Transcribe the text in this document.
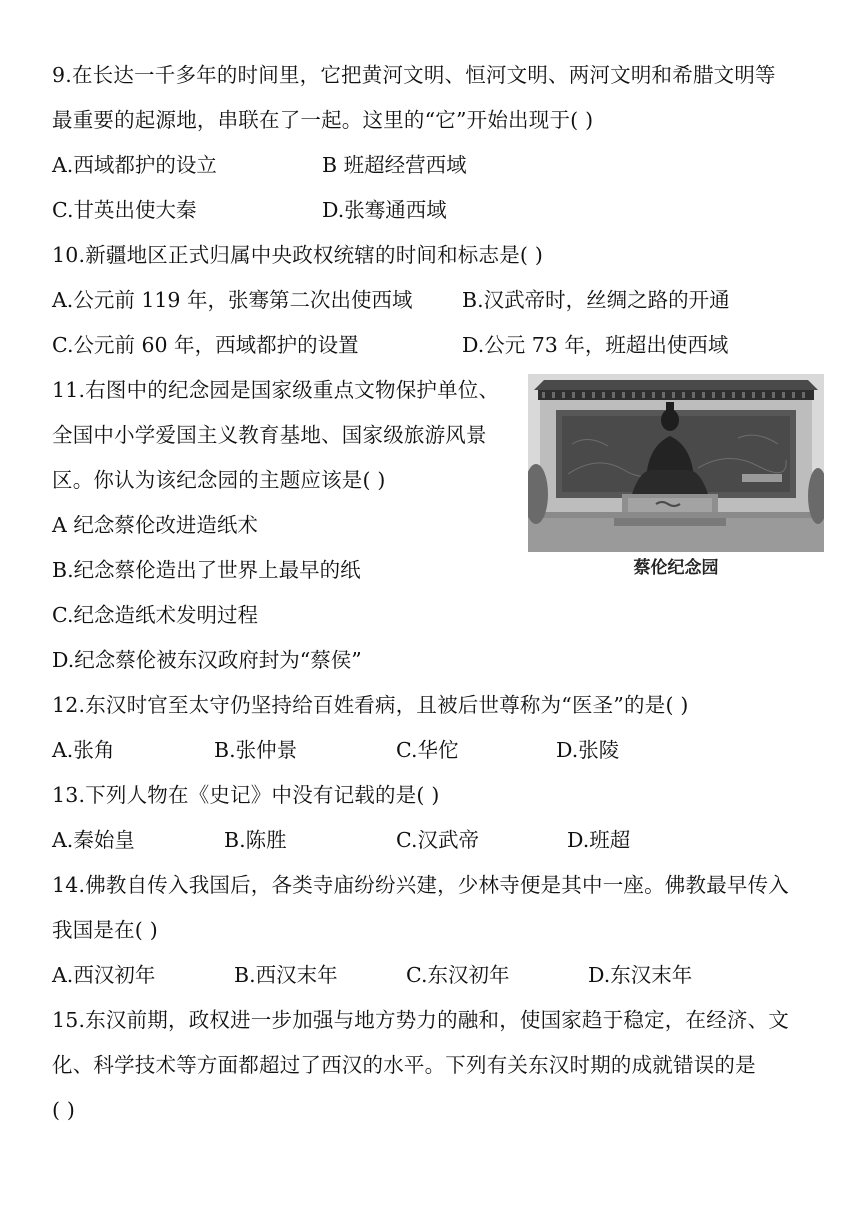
9.在长达一千多年的时间里，它把黄河文明、恒河文明、两河文明和希腊文明等
最重要的起源地，串联在了一起。这里的“它”开始出现于( )
A.西域都护的设立	B 班超经营西域
C.甘英出使大秦	D.张骞通西域
10.新疆地区正式归属中央政权统辖的时间和标志是( )
A.公元前 119 年，张骞第二次出使西域 B.汉武帝时，丝绸之路的开通
C.公元前 60 年，西域都护的设置	D.公元 73 年，班超出使西域
11.右图中的纪念园是国家级重点文物保护单位、
全国中小学爱国主义教育基地、国家级旅游风景
区。你认为该纪念园的主题应该是( )
A 纪念蔡伦改进造纸术
B.纪念蔡伦造出了世界上最早的纸
C.纪念造纸术发明过程
D.纪念蔡伦被东汉政府封为“蔡侯”
蔡伦纪念园
12.东汉时官至太守仍坚持给百姓看病，且被后世尊称为“医圣”的是( )
A.张角	B.张仲景	C.华佗	D.张陵
13.下列人物在《史记》中没有记载的是( )
A.秦始皇	B.陈胜	C.汉武帝	D.班超
14.佛教自传入我国后，各类寺庙纷纷兴建，少林寺便是其中一座。佛教最早传入
我国是在( )
A.西汉初年	B.西汉末年	C.东汉初年	D.东汉末年
15.东汉前期，政权进一步加强与地方势力的融和，使国家趋于稳定，在经济、文
化、科学技术等方面都超过了西汉的水平。下列有关东汉时期的成就错误的是
( )
